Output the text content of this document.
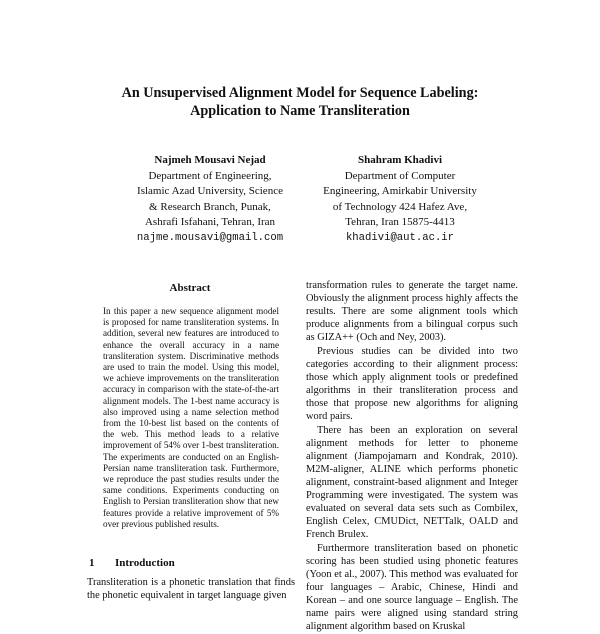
An Unsupervised Alignment Model for Sequence Labeling:
Application to Name Transliteration
Najmeh Mousavi Nejad
Department of Engineering,
Islamic Azad University, Science
& Research Branch, Punak,
Ashrafi Isfahani, Tehran, Iran
najme.mousavi@gmail.com
Shahram Khadivi
Department of Computer
Engineering, Amirkabir University
of Technology 424 Hafez Ave,
Tehran, Iran 15875-4413
khadivi@aut.ac.ir
Abstract

In this paper a new sequence alignment model is proposed for name transliteration systems. In addition, several new features are introduced to enhance the overall accuracy in a name transliteration system. Discriminative methods are used to train the model. Using this model, we achieve improvements on the transliteration accuracy in comparison with the state-of-the-art alignment models. The 1-best name accuracy is also improved using a name selection method from the 10-best list based on the contents of the web. This method leads to a relative improvement of 54% over 1-best transliteration. The experiments are conducted on an English-Persian name transliteration task. Furthermore, we reproduce the past studies results under the same conditions. Experiments conducting on English to Persian transliteration show that new features provide a relative improvement of 5% over previous published results.

1 Introduction

Transliteration is a phonetic translation that finds the phonetic equivalent in target language given

transformation rules to generate the target name. Obviously the alignment process highly affects the results. There are some alignment tools which produce alignments from a bilingual corpus such as GIZA++ (Och and Ney, 2003).

Previous studies can be divided into two categories according to their alignment process: those which apply alignment tools or predefined algorithms in their transliteration process and those that propose new algorithms for aligning word pairs.

There has been an exploration on several alignment methods for letter to phoneme alignment (Jiampojamarn and Kondrak, 2010). M2M-aligner, ALINE which performs phonetic alignment, constraint-based alignment and Integer Programming were investigated. The system was evaluated on several data sets such as Combilex, English Celex, CMUDict, NETTalk, OALD and French Brulex.

Furthermore transliteration based on phonetic scoring has been studied using phonetic features (Yoon et al., 2007). This method was evaluated for four languages – Arabic, Chinese, Hindi and Korean – and one source language – English. The name pairs were aligned using standard string alignment algorithm based on Kruskal
